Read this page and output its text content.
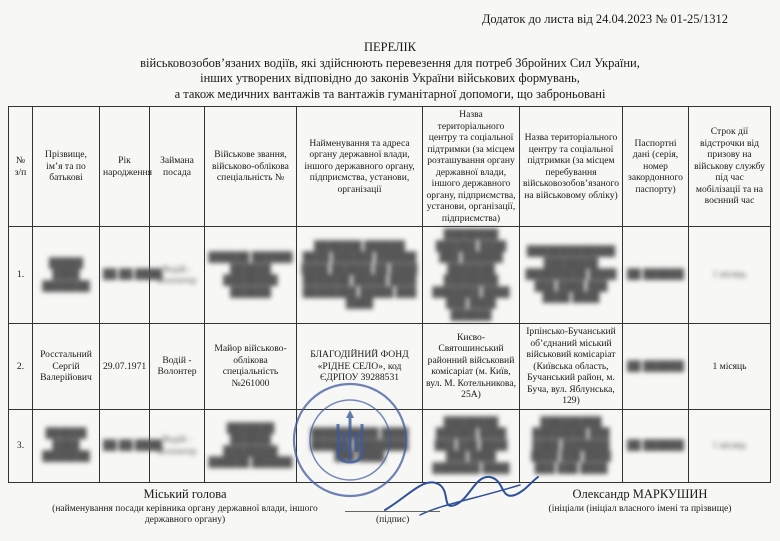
Додаток до листа від 24.04.2023 № 01-25/1312
ПЕРЕЛІК
військовозобов’язаних водіїв, які здійснюють перевезення для потреб Збройних Сил України,
інших утворених відповідно до законів України військових формувань,
а також медичних вантажів та вантажів гуманітарної допомоги, що заброньовані
№ з/п	Прізвище, ім’я та по батькові	Рік народження	Займана посада	Військове звання, військово-облікова спеціальність №	Найменування та адреса органу державної влади, іншого державного органу, підприємства, установи, організації	Назва територіального центру та соціальної підтримки (за місцем розташування органу державної влади, іншого державного органу, підприємства, установи, організації, підприємства)	Назва територіального центру та соціальної підтримки (за місцем перебування військовозобов’язаного на військовому обліку)	Паспортні дані (серія, номер закордонного паспорту)	Строк дії відстрочки від призову на військову службу під час мобілізації та на воєнний час
1.	█████ ████ ███████	██.██.████	Водій - Волонтер	██████ ██████ ██████ ████████ ██████	███████ ██████ ████ ██████ ██████ ████ ██████ ██ ████ ███████ █████ ████ ████████ █████ ███ ████	████████ ██████ ████ ███ ██████ ███████ ████████ ███████ ████ ███ ████ ██████	█████████████ ████████ █████████ ████ ███ ████ ███ ████ ████	██ ██████	1 місяць

2.	Росстальний Сергій Валерійович	29.07.1971	Водій - Волонтер	Майор військово-облікова спеціальність №261000	БЛАГОДІЙНИЙ ФОНД «РІДНЕ СЕЛО», код ЄДРПОУ 39288531	Києво-Святошинський районний військовий комісаріат (м. Київ, вул. М. Котельникова, 25А)	Ірпінсько-Бучанський об’єднаний міський військовий комісаріат (Київська область, Бучанський район, м. Буча, вул. Яблунська, 129)	██ ██████	1 місяць
3.	██████ ████ ███████	██.██.████	Водій - Волонтер	███████ ██████ ████████ ██████ ██████	██████████ ████ ██████ ████████ ███ ████	████████ ██████ ████ ███ ███ ████ ███ ████ ███████ ████	█████████ ████████ ███ ████ ███████ ████ ███ ████ ███ ███ ████	██ ██████	1 місяць
Міський голова
(найменування посади керівника органу державної влади, іншого державного органу)	(підпис)
Олександр МАРКУШИН
(ініціали (ініціал власного імені та прізвище)
